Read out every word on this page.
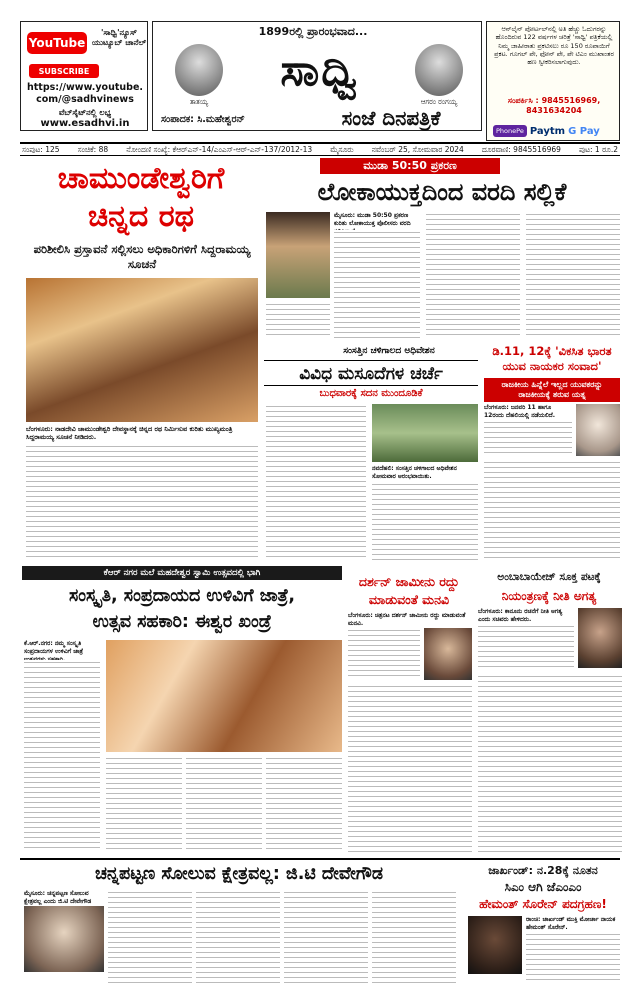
YouTube
'ಸಾಧ್ವಿ'ನ್ಯೂಸ್ ಯುಟ್ಯೂಬ್ ಚಾನೆಲ್
SUBSCRIBE
https://www.youtube.
com/@sadhvinews
ವೆಬ್‌ಸೈಟ್‌ನಲ್ಲಿ ಲಭ್ಯ
www.esadhvi.in
1899ರಲ್ಲಿ ಪ್ರಾರಂಭವಾದ...
ತಾತಯ್ಯ
ಸಾಧ್ವಿ
ಆಗರಂ ರಂಗಯ್ಯ
ಸಂಪಾದಕ: ಸಿ.ಮಹೇಶ್ವರನ್	ಸಂಜೆ ದಿನಪತ್ರಿಕೆ
ಆನ್‌ಲೈನ್ ಪೋರ್ಟಲ್‌ನಲ್ಲಿ ಅತಿ ಹೆಚ್ಚು ಓದುಗರನ್ನು ಹೊಂದಿರುವ 122 ವರ್ಷಗಳ ಚರಿತ್ರೆ 'ಸಾಧ್ವಿ' ಪತ್ರಿಕೆಯಲ್ಲಿ ನಿಮ್ಮ ಜಾಹೀರಾತು ಪ್ರಕಟಿಸಲು ರೂ 150 ರೂಪಾಯಿಗೆ ಪ್ರಕಟ. ಗೂಗಲ್ ಪೇ, ಫೋನ್ ಪೇ, ಪೇ ಟಿಎಂ ಮುಖಾಂತರ ಹಣ ಸ್ವೀಕರಿಸಲಾಗುವುದು.
ಸಂಪರ್ಕಿಸಿ : 9845516969,
8431634204
PhonePe Paytm G Pay
ಸಂಪುಟ: 125 ಸಂಚಿಕೆ: 88 ನೋಂದಣಿ ಸಂಖ್ಯೆ: ಕೆಆರ್‌ಎನ್-14/ಎಂಎಸ್-ಆರ್-ಎನ್-137/2012-13 ಮೈಸೂರು ನವೆಂಬರ್ 25, ಸೋಮವಾರ 2024 ದೂರವಾಣಿ: 9845516969 ಪುಟ: 1 ರೂ.2
ಚಾಮುಂಡೇಶ್ವರಿಗೆ
ಚಿನ್ನದ ರಥ
ಪರಿಶೀಲಿಸಿ ಪ್ರಸ್ತಾವನೆ ಸಲ್ಲಿಸಲು ಅಧಿಕಾರಿಗಳಿಗೆ ಸಿದ್ದರಾಮಯ್ಯ ಸೂಚನೆ
ಬೆಂಗಳೂರು: ನಾಡದೇವಿ ಚಾಮುಂಡೇಶ್ವರಿ ದೇವಸ್ಥಾನಕ್ಕೆ ಚಿನ್ನದ ರಥ ನಿರ್ಮಿಸುವ ಕುರಿತು ಮುಖ್ಯಮಂತ್ರಿ ಸಿದ್ದರಾಮಯ್ಯ ಸೂಚನೆ ನೀಡಿದರು.
ಮುಡಾ 50:50 ಪ್ರಕರಣ
ಲೋಕಾಯುಕ್ತದಿಂದ ವರದಿ ಸಲ್ಲಿಕೆ
ಮೈಸೂರು: ಮುಡಾ 50:50 ಪ್ರಕರಣ ಕುರಿತು ಲೋಕಾಯುಕ್ತ ಪೊಲೀಸರು ವರದಿ
ಸಂಸತ್ತಿನ ಚಳಿಗಾಲದ ಅಧಿವೇಶನ
ವಿವಿಧ ಮಸೂದೆಗಳ ಚರ್ಚೆ
ಬುಧವಾರಕ್ಕೆ ಸದನ ಮುಂದೂಡಿಕೆ
ನವದೆಹಲಿ: ಸಂಸತ್ತಿನ ಚಳಿಗಾಲದ ಅಧಿವೇಶನ ಸೋಮವಾರ ಆರಂಭವಾಯಿತು.
ಡಿ.11, 12ಕ್ಕೆ 'ವಿಕಸಿತ ಭಾರತ ಯುವ ನಾಯಕರ ಸಂವಾದ'
ರಾಜಕೀಯ ಹಿನ್ನೆಲೆ ಇಲ್ಲದ ಯುವಕರನ್ನು ರಾಜಕೀಯಕ್ಕೆ ತರುವ ಯತ್ನ
ಬೆಂಗಳೂರು: ಜನವರಿ 11 ಹಾಗೂ 12ರಂದು ದೆಹಲಿಯಲ್ಲಿ ನಡೆಯಲಿದೆ.
ಕೆಆರ್ ನಗರ ಮಲೆ ಮಹದೇಶ್ವರ ಸ್ವಾಮಿ ಉತ್ಸವದಲ್ಲಿ ಭಾಗಿ
ಸಂಸ್ಕೃತಿ, ಸಂಪ್ರದಾಯದ ಉಳಿವಿಗೆ ಜಾತ್ರೆ,
ಉತ್ಸವ ಸಹಕಾರಿ: ಈಶ್ವರ ಖಂಡ್ರೆ
ಕೆ.ಆರ್.ನಗರ: ನಮ್ಮ ಸಂಸ್ಕೃತಿ ಸಂಪ್ರದಾಯಗಳ ಉಳಿವಿಗೆ ಜಾತ್ರೆ
ದರ್ಶನ್ ಜಾಮೀನು ರದ್ದು
ಮಾಡುವಂತೆ ಮನವಿ
ಬೆಂಗಳೂರು: ಚಿತ್ರನಟ ದರ್ಶನ್ ಜಾಮೀನು ರದ್ದು ಮಾಡುವಂತೆ ಮನವಿ.
ಅಂಬಾಬಾಯೇಜ್ ಸೂಕ್ತ ಪಟಕ್ಕೆ
ನಿಯಂತ್ರಣಕ್ಕೆ ನೀತಿ ಅಗತ್ಯ
ಬೆಂಗಳೂರು: ಕಾನೂನು ರಚನೆಗೆ ನೀತಿ ಅಗತ್ಯ ಎಂದು ಸಚಿವರು ಹೇಳಿದರು.
ಚನ್ನಪಟ್ಟಣ ಸೋಲುವ ಕ್ಷೇತ್ರವಲ್ಲ: ಜಿ.ಟಿ ದೇವೇಗೌಡ
ಮೈಸೂರು: ಚನ್ನಪಟ್ಟಣ ಸೋಲುವ ಕ್ಷೇತ್ರವಲ್ಲ ಎಂದು ಜಿ.ಟಿ ದೇವೇಗೌಡ
ಜಾರ್ಖಂಡ್: ನ.28ಕ್ಕೆ ನೂತನ
ಸಿಎಂ ಆಗಿ ಜೆಎಂಎಂ
ಹೇಮಂತ್ ಸೊರೇನ್ ಪದಗ್ರಹಣ!
ರಾಂಚಿ: ಜಾರ್ಖಂಡ್ ಮುಕ್ತಿ ಮೋರ್ಚಾ ನಾಯಕ ಹೇಮಂತ್ ಸೊರೇನ್.
